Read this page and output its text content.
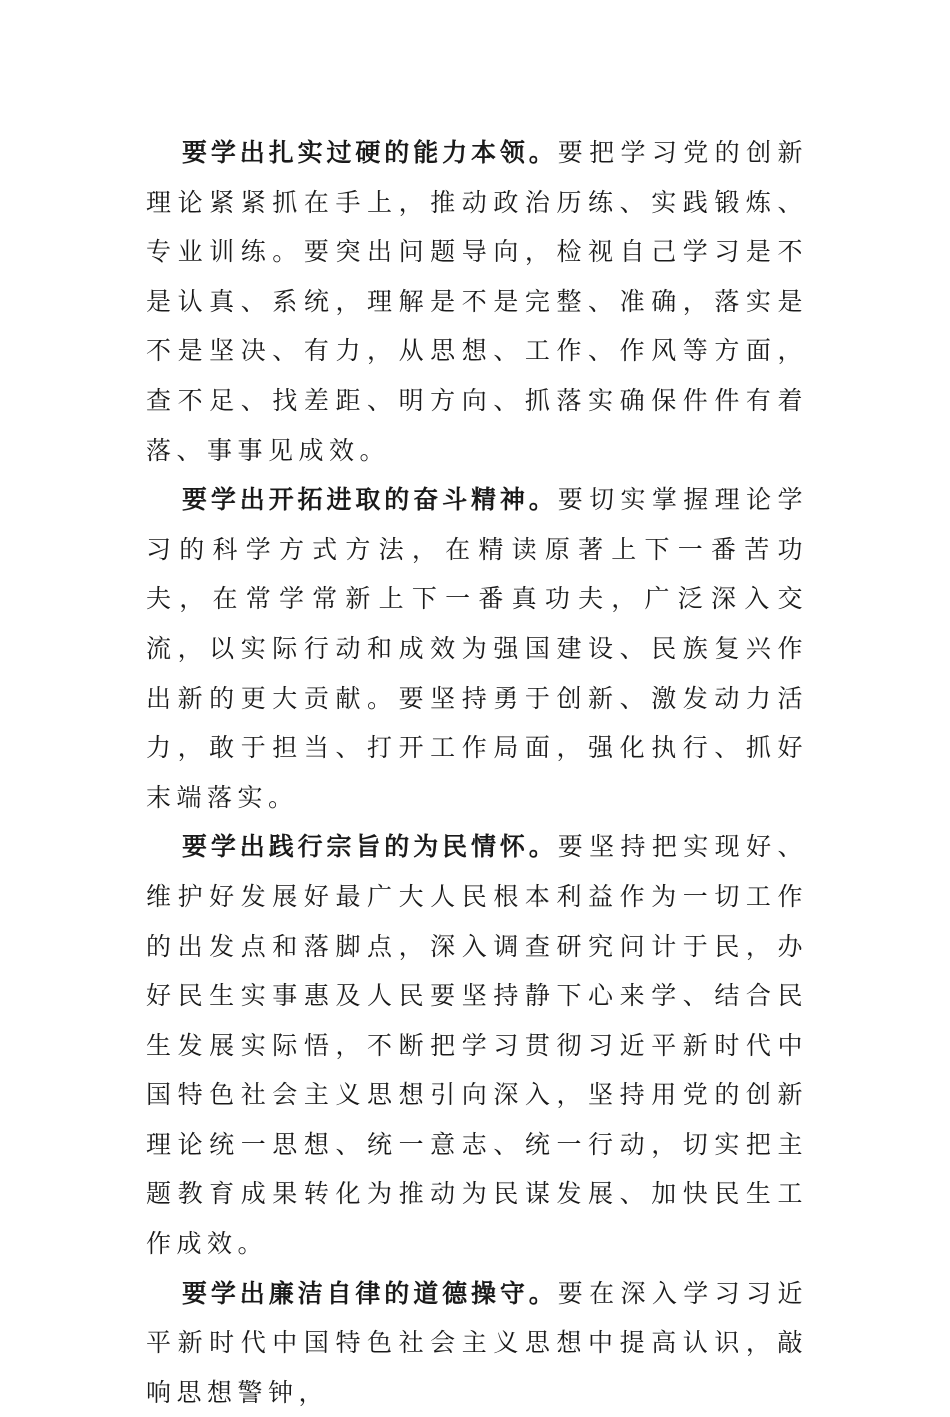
要学出扎实过硬的能力本领。要把学习党的创新理论紧紧抓在手上，推动政治历练、实践锻炼、专业训练。要突出问题导向，检视自己学习是不是认真、系统，理解是不是完整、准确，落实是不是坚决、有力，从思想、工作、作风等方面，查不足、找差距、明方向、抓落实确保件件有着落、事事见成效。

要学出开拓进取的奋斗精神。要切实掌握理论学习的科学方式方法，在精读原著上下一番苦功夫，在常学常新上下一番真功夫，广泛深入交流，以实际行动和成效为强国建设、民族复兴作出新的更大贡献。要坚持勇于创新、激发动力活力，敢于担当、打开工作局面，强化执行、抓好末端落实。

要学出践行宗旨的为民情怀。要坚持把实现好、维护好发展好最广大人民根本利益作为一切工作的出发点和落脚点，深入调查研究问计于民，办好民生实事惠及人民要坚持静下心来学、结合民生发展实际悟，不断把学习贯彻习近平新时代中国特色社会主义思想引向深入，坚持用党的创新理论统一思想、统一意志、统一行动，切实把主题教育成果转化为推动为民谋发展、加快民生工作成效。

要学出廉洁自律的道德操守。要在深入学习习近平新时代中国特色社会主义思想中提高认识，敲响思想警钟，
